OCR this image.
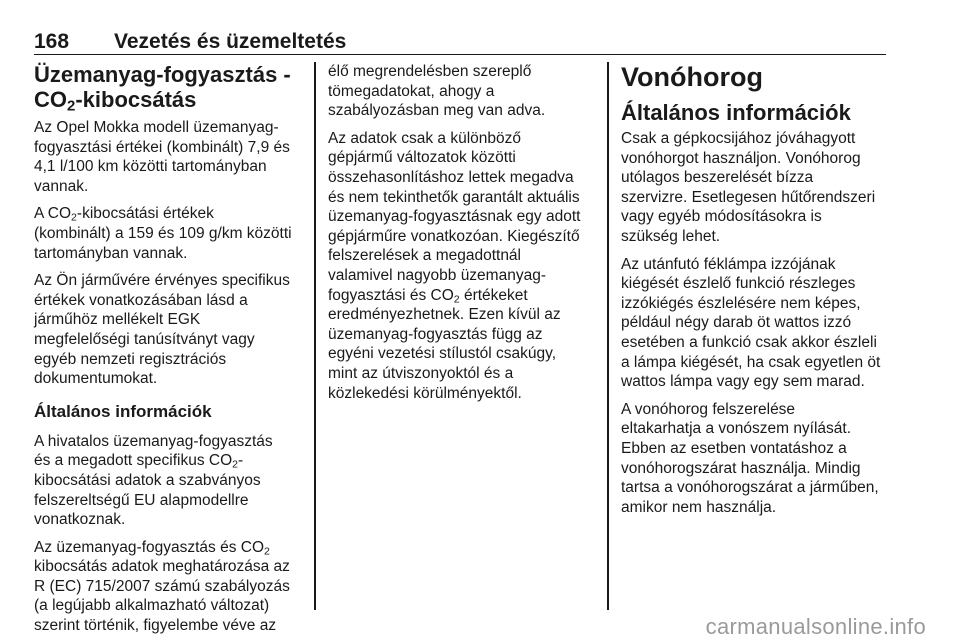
168 Vezetés és üzemeltetés
Üzemanyag-fogyasztás -
$CO_2$-kibocsátás

Az Opel Mokka modell üzemanyag-
fogyasztási értékei (kombinált) 7,9 és
4,1 l/100 km közötti tartományban
vannak.

A $CO_2$-kibocsátási értékek
(kombinált) a 159 és 109 g/km közötti
tartományban vannak.

Az Ön járművére érvényes specifikus
értékek vonatkozásában lásd a
járműhöz mellékelt EGK
megfelelőségi tanúsítványt vagy
egyéb nemzeti regisztrációs
dokumentumokat.

Általános információk

A hivatalos üzemanyag-fogyasztás
és a megadott specifikus $CO_2-$
kibocsátási adatok a szabványos
felszereltségű EU alapmodellre
vonatkoznak.

Az üzemanyag-fogyasztás és $CO_2$
kibocsátás adatok meghatározása az
R (EC) 715/2007 számú szabályozás
(a legújabb alkalmazható változat)
szerint történik, figyelembe véve az

élő megrendelésben szereplő
tömegadatokat, ahogy a
szabályozásban meg van adva.

Az adatok csak a különböző
gépjármű változatok közötti
összehasonlításhoz lettek megadva
és nem tekinthetők garantált aktuális
üzemanyag-fogyasztásnak egy adott
gépjárműre vonatkozóan. Kiegészítő
felszerelések a megadottnál
valamivel nagyobb üzemanyag-
fogyasztási és $CO_2$ értékeket
eredményezhetnek. Ezen kívül az
üzemanyag-fogyasztás függ az
egyéni vezetési stílustól csakúgy,
mint az útviszonyoktól és a
közlekedési körülményektől.

Vonóhorog
Általános információk

Csak a gépkocsijához jóváhagyott
vonóhorgot használjon. Vonóhorog
utólagos beszerelését bízza
szervizre. Esetlegesen hűtőrendszeri
vagy egyéb módosításokra is
szükség lehet.

Az utánfutó féklámpa izzójának
kiégését észlelő funkció részleges
izzókiégés észlelésére nem képes,
például négy darab öt wattos izzó
esetében a funkció csak akkor észleli
a lámpa kiégését, ha csak egyetlen öt
wattos lámpa vagy egy sem marad.

A vonóhorog felszerelése
eltakarhatja a vonószem nyílását.
Ebben az esetben vontatáshoz a
vonóhorogszárat használja. Mindig
tartsa a vonóhorogszárat a járműben,
amikor nem használja.

carmanualsonline.info
